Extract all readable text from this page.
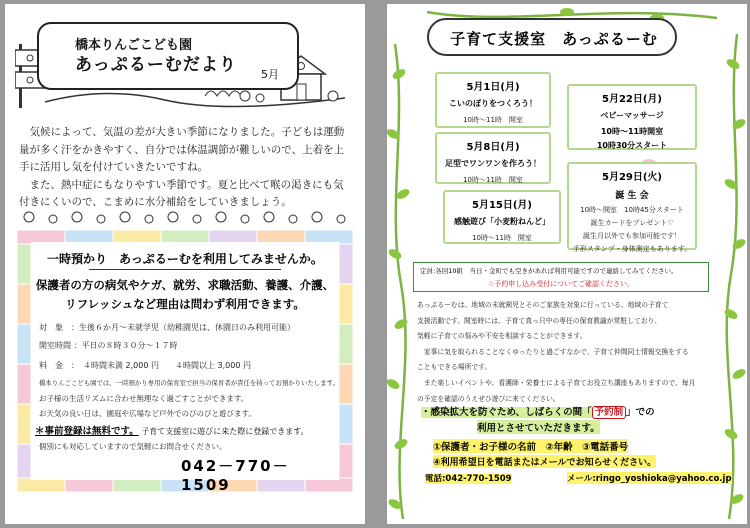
橋本りんごこども園
あっぷるーむだより 5月

気候によって、気温の差が大きい季節になりました。子どもは運動量が多く汗をかきやすく、自分では体温調節が難しいので、上着を上手に活用し気を付けていきたいですね。

また、熱中症にもなりやすい季節です。夏と比べて喉の渇きにも気付きにくいので、こまめに水分補給をしていきましょう。

一時預かり　あっぷるーむを利用してみませんか。
保護者の方の病気やケガ、就労、求職活動、養護、介護、
リフレッシュなど理由は問わず利用できます。
対　象　：生後６か月〜未就学児（幼稚園児は、休園日のみ利用可能）
開室時間 ：平日の８時３０分〜１７時
料　金　：　４時間未満 2,000 円　　４時間以上 3,000 円
橋本りんごこども園では、一時預かり専用の保育室で担当の保育者が責任を持ってお預かりいたします。
お子様の生活リズムに合わせ無理なく過ごすことができます。
お天気の良い日は、園庭や広場など戸外でのびのびと遊びます。
＊事前登録は無料です。 子育て支援室に遊びに来た際に登録できます。
個別にも対応していますので気軽にお問合せください。
042－770－1509
子育て支援室　あっぷるーむ
5月1日(月)
こいのぼりをつくろう！
10時〜11時　開室
5月8日(月)
足型でワンワンを作ろう！
10時〜11時　開室
5月15日(月)
感触遊び「小麦粉ねんど」
10時〜11時　開室
5月22日(月)
ベビーマッサージ
10時〜11時開室
10時30分スタート
5月29日(火)
誕 生 会
10時〜開室　10時45分スタート
誕生カードをプレゼント♡
誕生月以外でも参加可能です！
手形スタンプ・身体測定もあります。
定員:各回10組　当日・金町でも空きがあれば利用可能ですので連絡してみてください。
☆予約申し込み受付についてご確認ください。
あっぷるーむは、地域の未就園児とそのご家族を対象に行っている、地域の子育て
支援活動です。開室時には、子育て真っ只中の専任の保育教諭が常駐しており、
気軽に子育ての悩みや不安を相談することができます。
　家事に気を取られることなくゆったりと過ごすなかで、子育て仲間同士情報交換をする
こともできる場所です。
　また楽しいイベントや、看護師・栄養士による子育てお役立ち講座もありますので、毎月
の予定を確認のうえぜひ遊びに来てください。
・感染拡大を防ぐため、しばらくの間「 予約制 」での
利用とさせていただきます。
①保護者・お子様の名前　②年齢　③電話番号
④利用希望日を電話またはメールでお知らせください。
電話:042-770-1509	メール:ringo_yoshioka@yahoo.co.jp
